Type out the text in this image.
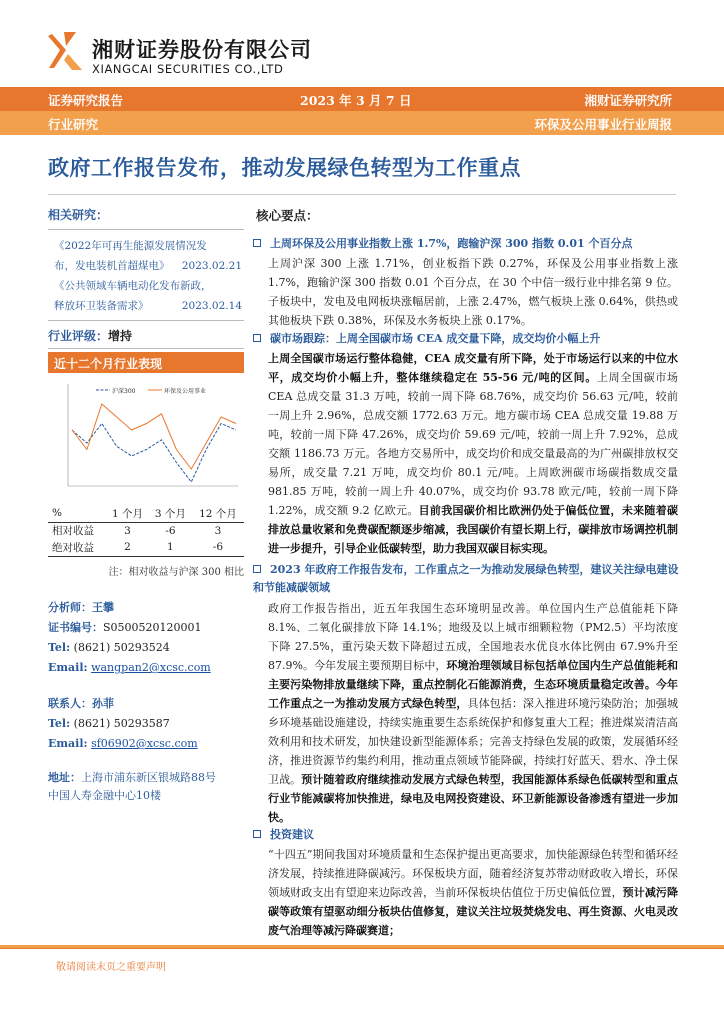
湘财证券股份有限公司
XIANGCAI SECURITIES CO.,LTD
证券研究报告	2023 年 3 月 7 日	湘财证券研究所
行业研究	环保及公用事业行业周报
政府工作报告发布，推动发展绿色转型为工作重点
相关研究：
《2022年可再生能源发展情况发
布，发电装机首超煤电》 2023.02.21
《公共领域车辆电动化发布新政，
释放环卫装备需求》	2023.02.14
行业评级：增持
近十二个月行业表现
沪深300	环保及公用事业
%	1 个月	3 个月	12 个月
相对收益	3	-6	3
绝对收益	2	1	-6
注：相对收益与沪深 300 相比
分析师：王攀
证书编号：S0500520120001
Tel: (8621) 50293524
Email: wangpan2@xcsc.com
联系人：孙菲
Tel: (8621) 50293587
Email: sf06902@xcsc.com
地址：上海市浦东新区银城路88号
中国人寿金融中心10楼
核心要点：
上周环保及公用事业指数上涨 1.7%，跑输沪深 300 指数 0.01 个百分点
上周沪深 300 上涨 1.71%，创业板指下跌 0.27%，环保及公用事业指数上涨 1.7%，跑输沪深 300 指数 0.01 个百分点，在 30 个中信一级行业中排名第 9 位。子板块中，发电及电网板块涨幅居前，上涨 2.47%，燃气板块上涨 0.64%，供热或其他板块下跌 0.38%，环保及水务板块上涨 0.17%。
碳市场跟踪：上周全国碳市场 CEA 成交量下降，成交均价小幅上升
上周全国碳市场运行整体稳健，CEA 成交量有所下降，处于市场运行以来的中位水平，成交均价小幅上升，整体继续稳定在 55-56 元/吨的区间。上周全国碳市场 CEA 总成交量 31.3 万吨，较前一周下降 68.76%，成交均价 56.63 元/吨，较前一周上升 2.96%，总成交额 1772.63 万元。地方碳市场 CEA 总成交量 19.88 万吨，较前一周下降 47.26%，成交均价 59.69 元/吨，较前一周上升 7.92%，总成交额 1186.73 万元。各地方交易所中，成交均价和成交量最高的为广州碳排放权交易所，成交量 7.21 万吨，成交均价 80.1 元/吨。上周欧洲碳市场碳指数成交量 981.85 万吨，较前一周上升 40.07%，成交均价 93.78 欧元/吨，较前一周下降 1.22%，成交额 9.2 亿欧元。目前我国碳价相比欧洲仍处于偏低位置，未来随着碳排放总量收紧和免费碳配额逐步缩减，我国碳价有望长期上行，碳排放市场调控机制进一步提升，引导企业低碳转型，助力我国双碳目标实现。
2023 年政府工作报告发布，工作重点之一为推动发展绿色转型，建议关注绿电建设和节能减碳领域
政府工作报告指出，近五年我国生态环境明显改善。单位国内生产总值能耗下降 8.1%、二氧化碳排放下降 14.1%；地级及以上城市细颗粒物（PM2.5）平均浓度下降 27.5%，重污染天数下降超过五成，全国地表水优良水体比例由 67.9%升至 87.9%。今年发展主要预期目标中，环境治理领域目标包括单位国内生产总值能耗和主要污染物排放量继续下降，重点控制化石能源消费，生态环境质量稳定改善。今年工作重点之一为推动发展方式绿色转型，具体包括：深入推进环境污染防治；加强城乡环境基础设施建设，持续实施重要生态系统保护和修复重大工程；推进煤炭清洁高效利用和技术研发，加快建设新型能源体系；完善支持绿色发展的政策，发展循环经济，推进资源节约集约利用，推动重点领域节能降碳，持续打好蓝天、碧水、净土保卫战。预计随着政府继续推动发展方式绿色转型，我国能源体系绿色低碳转型和重点行业节能减碳将加快推进，绿电及电网投资建设、环卫新能源设备渗透有望进一步加快。
投资建议
“十四五”期间我国对环境质量和生态保护提出更高要求，加快能源绿色转型和循环经济发展，持续推进降碳减污。环保板块方面，随着经济复苏带动财政收入增长，环保领域财政支出有望迎来边际改善，当前环保板块估值位于历史偏低位置，预计减污降碳等政策有望驱动细分板块估值修复，建议关注垃圾焚烧发电、再生资源、火电灵改废气治理等减污降碳赛道；
敬请阅读末页之重要声明
